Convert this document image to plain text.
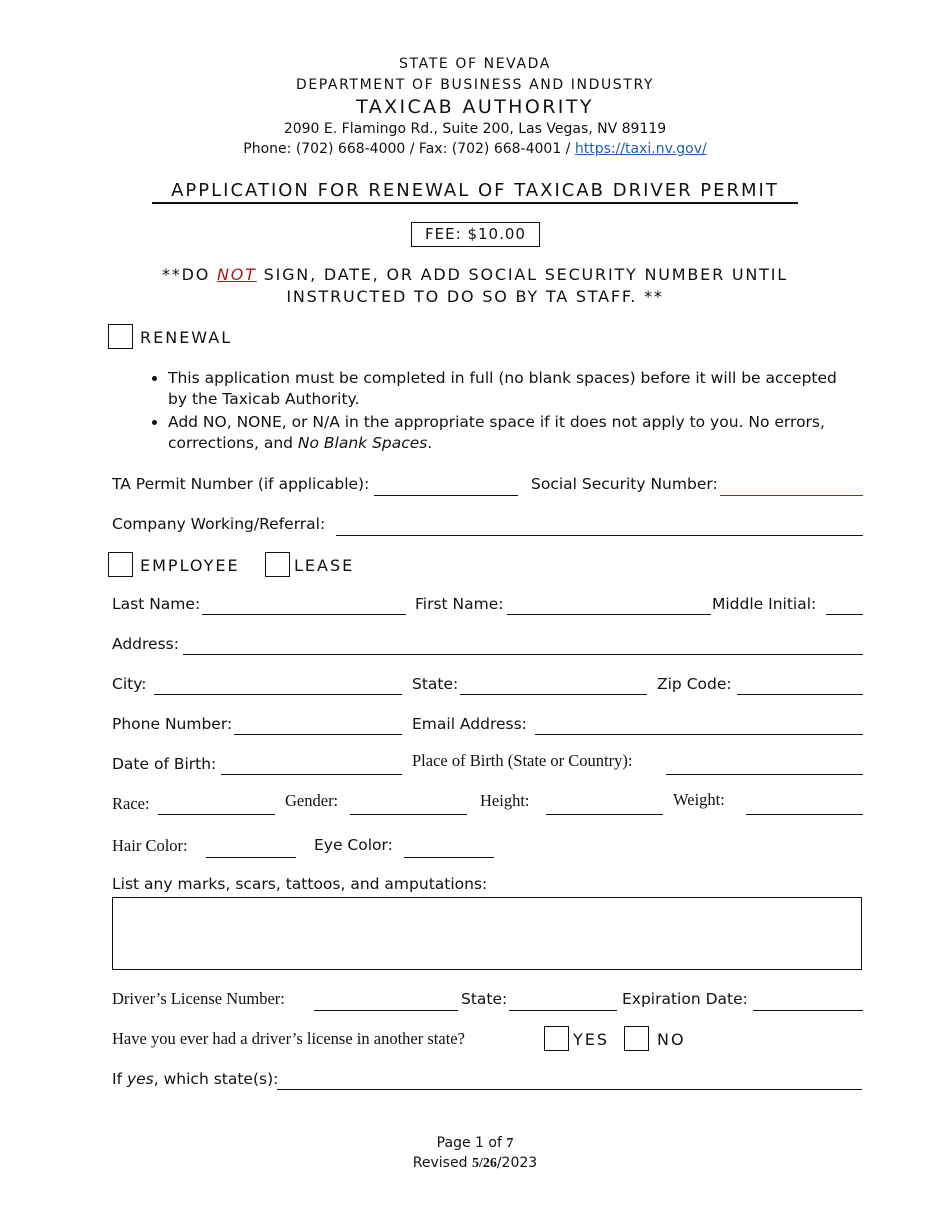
STATE OF NEVADA
DEPARTMENT OF BUSINESS AND INDUSTRY
TAXICAB AUTHORITY
2090 E. Flamingo Rd., Suite 200, Las Vegas, NV 89119
Phone: (702) 668-4000 / Fax: (702) 668-4001 / https://taxi.nv.gov/
APPLICATION FOR RENEWAL OF TAXICAB DRIVER PERMIT
FEE: $10.00
**DO NOT SIGN, DATE, OR ADD SOCIAL SECURITY NUMBER UNTIL
INSTRUCTED TO DO SO BY TA STAFF. **
RENEWAL
• This application must be completed in full (no blank spaces) before it will be accepted by the Taxicab Authority.
• Add NO, NONE, or N/A in the appropriate space if it does not apply to you. No errors, corrections, and No Blank Spaces.
TA Permit Number (if applicable):	Social Security Number:
Company Working/Referral:
EMPLOYEE	LEASE
Last Name:	First Name:	Middle Initial:
Address:
City:	State:	Zip Code:
Phone Number:	Email Address:
Date of Birth:	Place of Birth (State or Country):
Race:	Gender:	Height:	Weight:
Hair Color:	Eye Color:
List any marks, scars, tattoos, and amputations:
Driver’s License Number:	State:	Expiration Date:
Have you ever had a driver’s license in another state?	YES	NO
If yes, which state(s):
Page 1 of 7
Revised 5/26/2023
